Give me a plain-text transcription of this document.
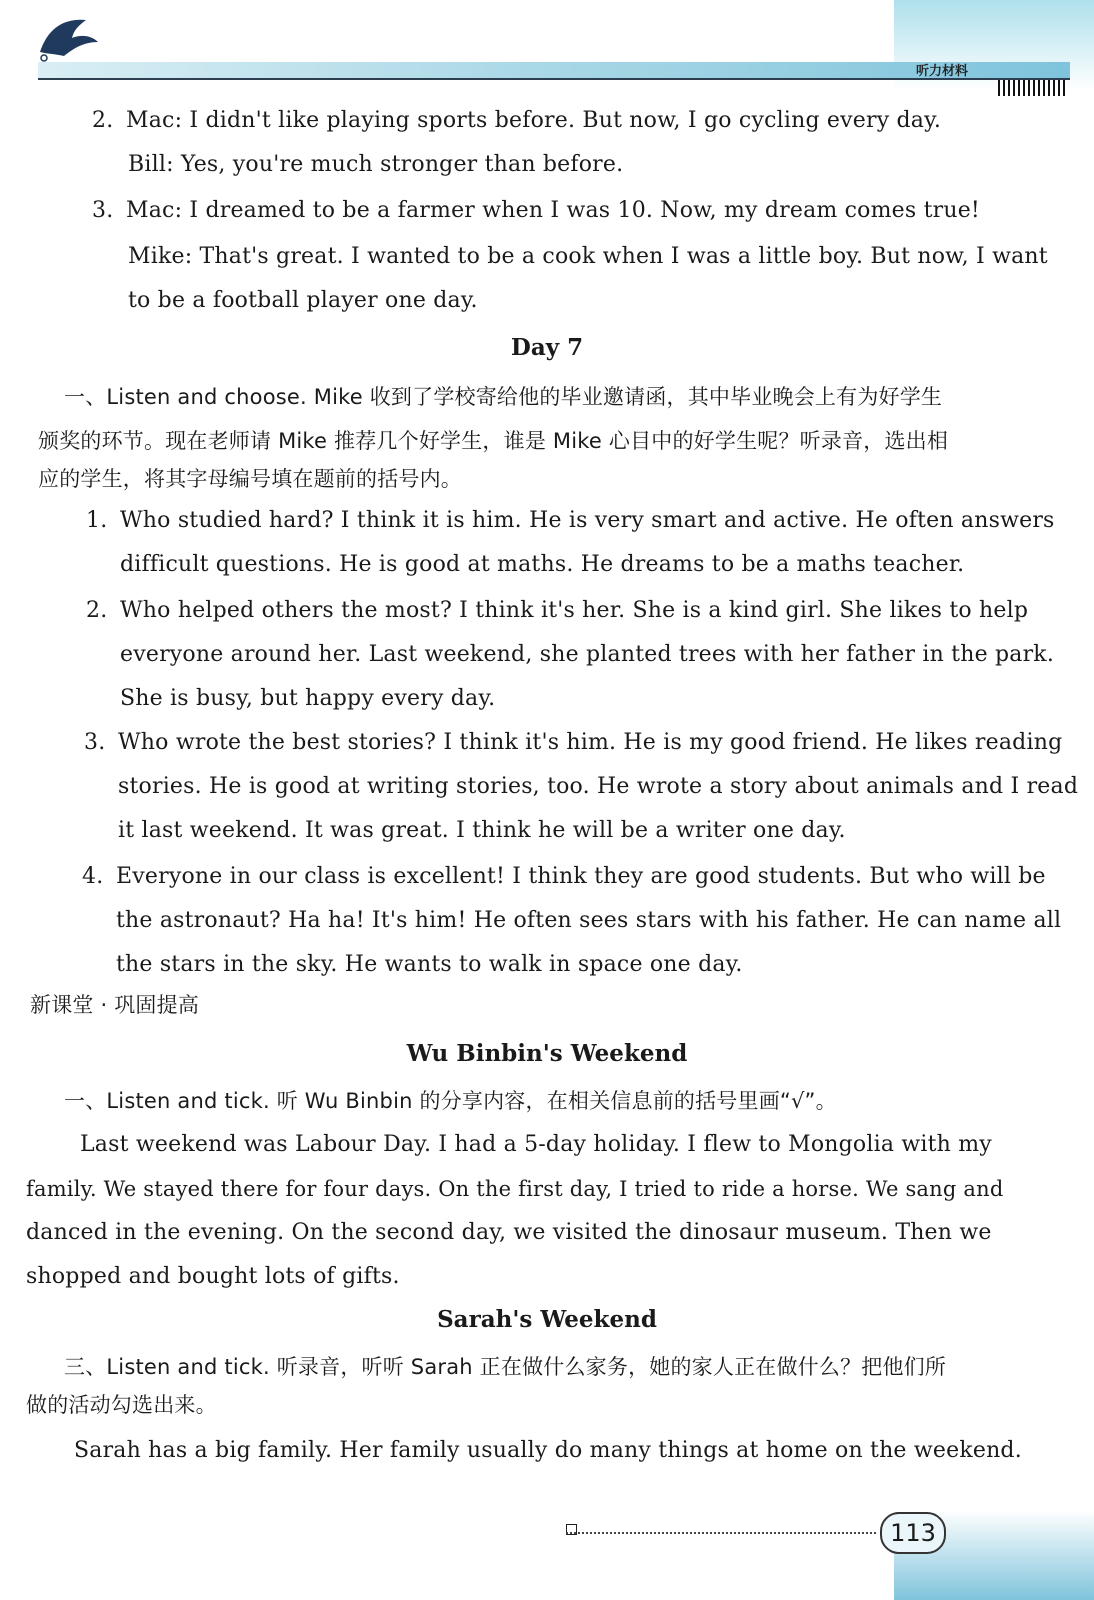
听力材料
2. Mac: I didn't like playing sports before. But now, I go cycling every day.
Bill: Yes, you're much stronger than before.
3. Mac: I dreamed to be a farmer when I was 10. Now, my dream comes true!
Mike: That's great. I wanted to be a cook when I was a little boy. But now, I want
to be a football player one day.
Day 7
一、Listen and choose. Mike 收到了学校寄给他的毕业邀请函，其中毕业晚会上有为好学生
颁奖的环节。现在老师请 Mike 推荐几个好学生，谁是 Mike 心目中的好学生呢？听录音，选出相
应的学生，将其字母编号填在题前的括号内。
1. Who studied hard? I think it is him. He is very smart and active. He often answers
difficult questions. He is good at maths. He dreams to be a maths teacher.
2. Who helped others the most? I think it's her. She is a kind girl. She likes to help
everyone around her. Last weekend, she planted trees with her father in the park.
She is busy, but happy every day.
3. Who wrote the best stories? I think it's him. He is my good friend. He likes reading
stories. He is good at writing stories, too. He wrote a story about animals and I read
it last weekend. It was great. I think he will be a writer one day.
4. Everyone in our class is excellent! I think they are good students. But who will be
the astronaut? Ha ha! It's him! He often sees stars with his father. He can name all
the stars in the sky. He wants to walk in space one day.
新课堂 · 巩固提高
Wu Binbin's Weekend
一、Listen and tick. 听 Wu Binbin 的分享内容，在相关信息前的括号里画“√”。
Last weekend was Labour Day. I had a 5-day holiday. I flew to Mongolia with my
family. We stayed there for four days. On the first day, I tried to ride a horse. We sang and
danced in the evening. On the second day, we visited the dinosaur museum. Then we
shopped and bought lots of gifts.
Sarah's Weekend
三、Listen and tick. 听录音，听听 Sarah 正在做什么家务，她的家人正在做什么？把他们所
做的活动勾选出来。
Sarah has a big family. Her family usually do many things at home on the weekend.
113
